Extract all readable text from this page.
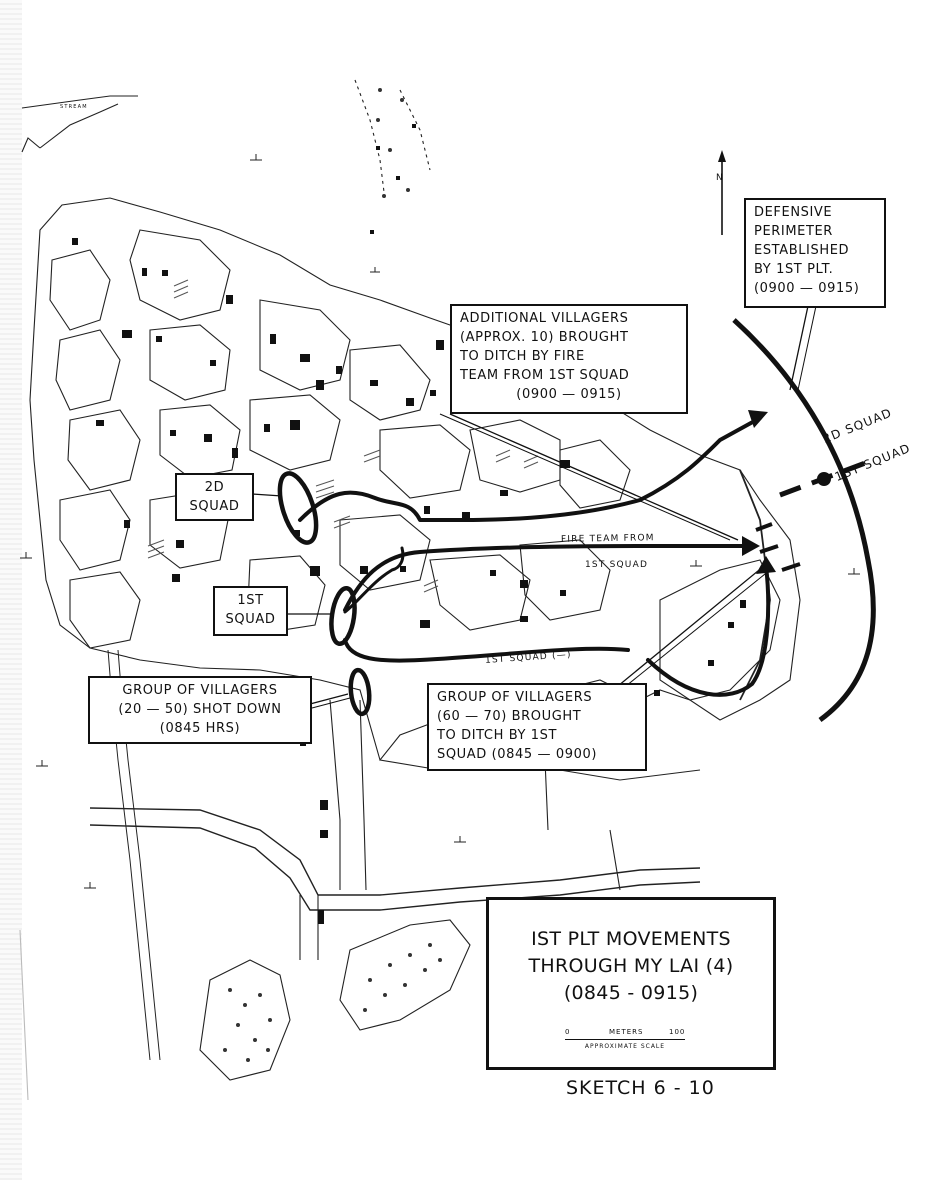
2D
SQUAD
1ST
SQUAD
GROUP OF VILLAGERS
(20 — 50) SHOT DOWN
(0845 HRS)
GROUP OF VILLAGERS
(60 — 70) BROUGHT
TO DITCH BY 1ST
SQUAD (0845 — 0900)
ADDITIONAL VILLAGERS
(APPROX. 10) BROUGHT
TO DITCH BY FIRE
TEAM FROM 1ST SQUAD
(0900 — 0915)
DEFENSIVE
PERIMETER
ESTABLISHED
BY 1ST PLT.
(0900 — 0915)
FIRE TEAM FROM
1ST SQUAD
1ST SQUAD (—)
2D SQUAD
1ST SQUAD
STREAM
N
IST PLT MOVEMENTS
THROUGH MY LAI (4)
(0845 - 0915)
0	METERS	100
APPROXIMATE SCALE
SKETCH 6 - 10
